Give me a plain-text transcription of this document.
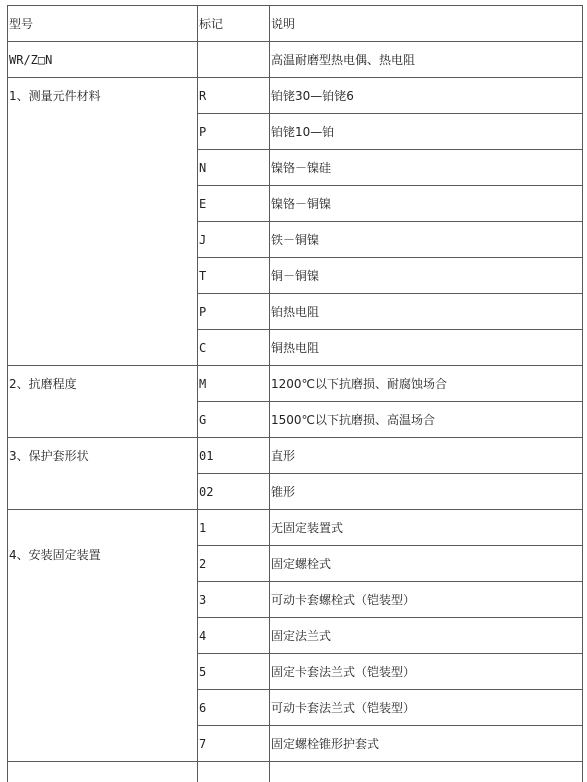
型号	标记	说明
WR/Z□N		高温耐磨型热电偶、热电阻
1、测量元件材料	R	铂铑30—铂铑6
	P	铂铑10—铂
	N	镍铬－镍硅
	E	镍铬－铜镍
	J	铁－铜镍
	T	铜－铜镍
	P	铂热电阻
	C	铜热电阻
2、抗磨程度	M	1200℃以下抗磨损、耐腐蚀场合
	G	1500℃以下抗磨损、高温场合
3、保护套形状	01	直形
	02	锥形
4、安装固定装置	1	无固定装置式
	2	固定螺栓式
	3	可动卡套螺栓式（铠装型）
	4	固定法兰式
	5	固定卡套法兰式（铠装型）
	6	可动卡套法兰式（铠装型）
	7	固定螺栓锥形护套式
